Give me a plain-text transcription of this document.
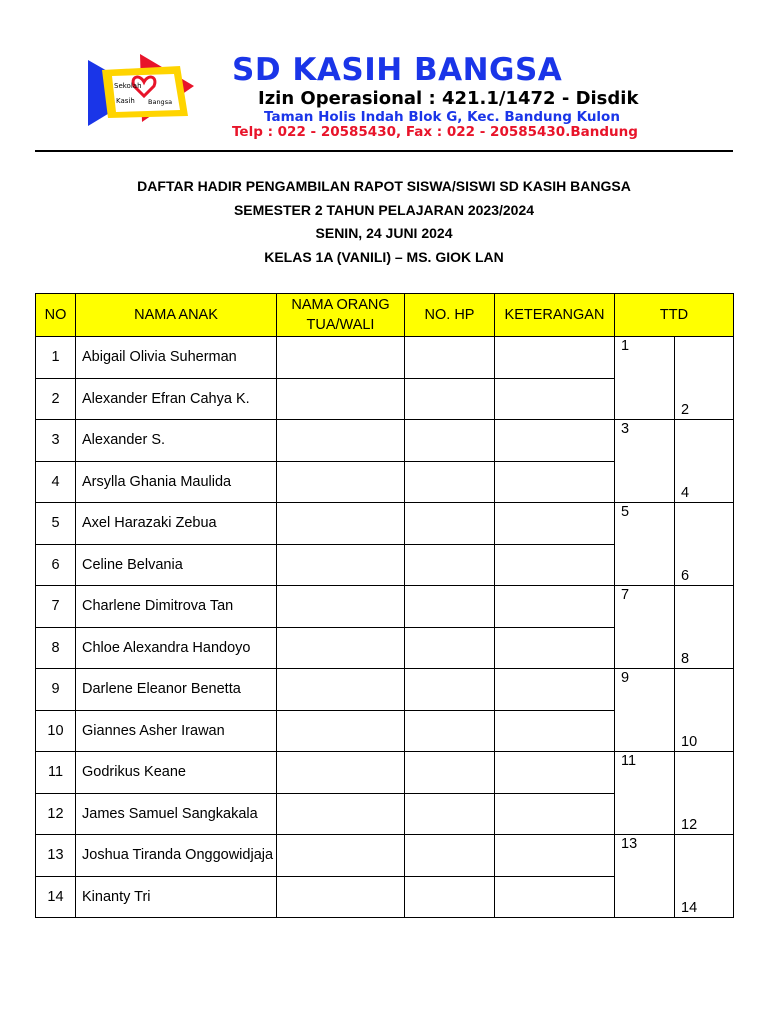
Sekolah
Kasih Bangsa
SD KASIH BANGSA
Izin Operasional : 421.1/1472 - Disdik
Taman Holis Indah Blok G, Kec. Bandung Kulon
Telp : 022 - 20585430, Fax : 022 - 20585430.Bandung
DAFTAR HADIR PENGAMBILAN RAPOT SISWA/SISWI SD KASIH BANGSA
SEMESTER 2 TAHUN PELAJARAN 2023/2024
SENIN, 24 JUNI 2024
KELAS 1A (VANILI) – MS. GIOK LAN
NO	NAMA ANAK	NAMA ORANG TUA/WALI	NO. HP	KETERANGAN	TTD	
1	Abigail Olivia Suherman				1	2
2	Alexander Efran Cahya K.					
3	Alexander S.				3	4
4	Arsylla Ghania Maulida					
5	Axel Harazaki Zebua				5	6
6	Celine Belvania					
7	Charlene Dimitrova Tan				7	8
8	Chloe Alexandra Handoyo					
9	Darlene Eleanor Benetta				9	10
10	Giannes Asher Irawan					
11	Godrikus Keane				11	12
12	James Samuel Sangkakala					
13	Joshua Tiranda Onggowidjaja				13	14
14	Kinanty Tri					
